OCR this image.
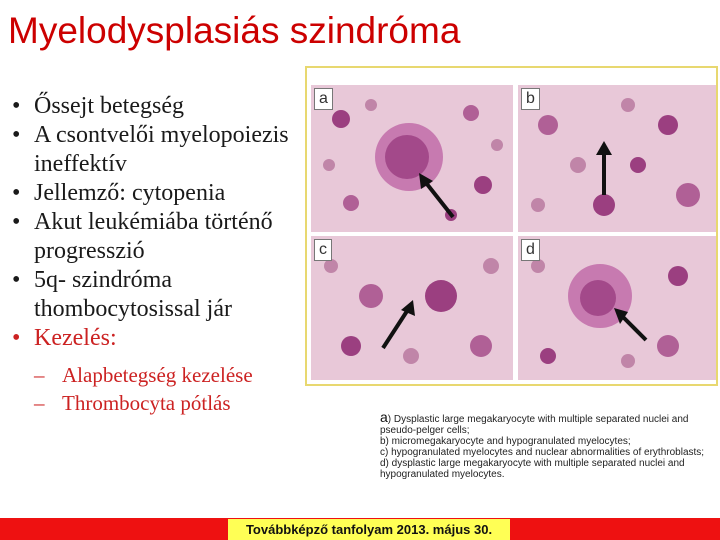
Myelodysplasiás szindróma
• Őssejt betegség
• A csontvelői myelopoiezis ineffektív
• Jellemző: cytopenia
• Akut leukémiába történő progresszió
• 5q- szindróma thombocytosissal jár
• Kezelés:
– Alapbetegség kezelése
– Thrombocyta pótlás
a	b
c	d
a) Dysplastic large megakaryocyte with multiple separated nuclei and pseudo-pelger cells;
b) micromegakaryocyte and hypogranulated myelocytes;
c) hypogranulated myelocytes and nuclear abnormalities of erythroblasts;
d) dysplastic large megakaryocyte with multiple separated nuclei and hypogranulated myelocytes.
Továbbképző tanfolyam 2013. május 30.
